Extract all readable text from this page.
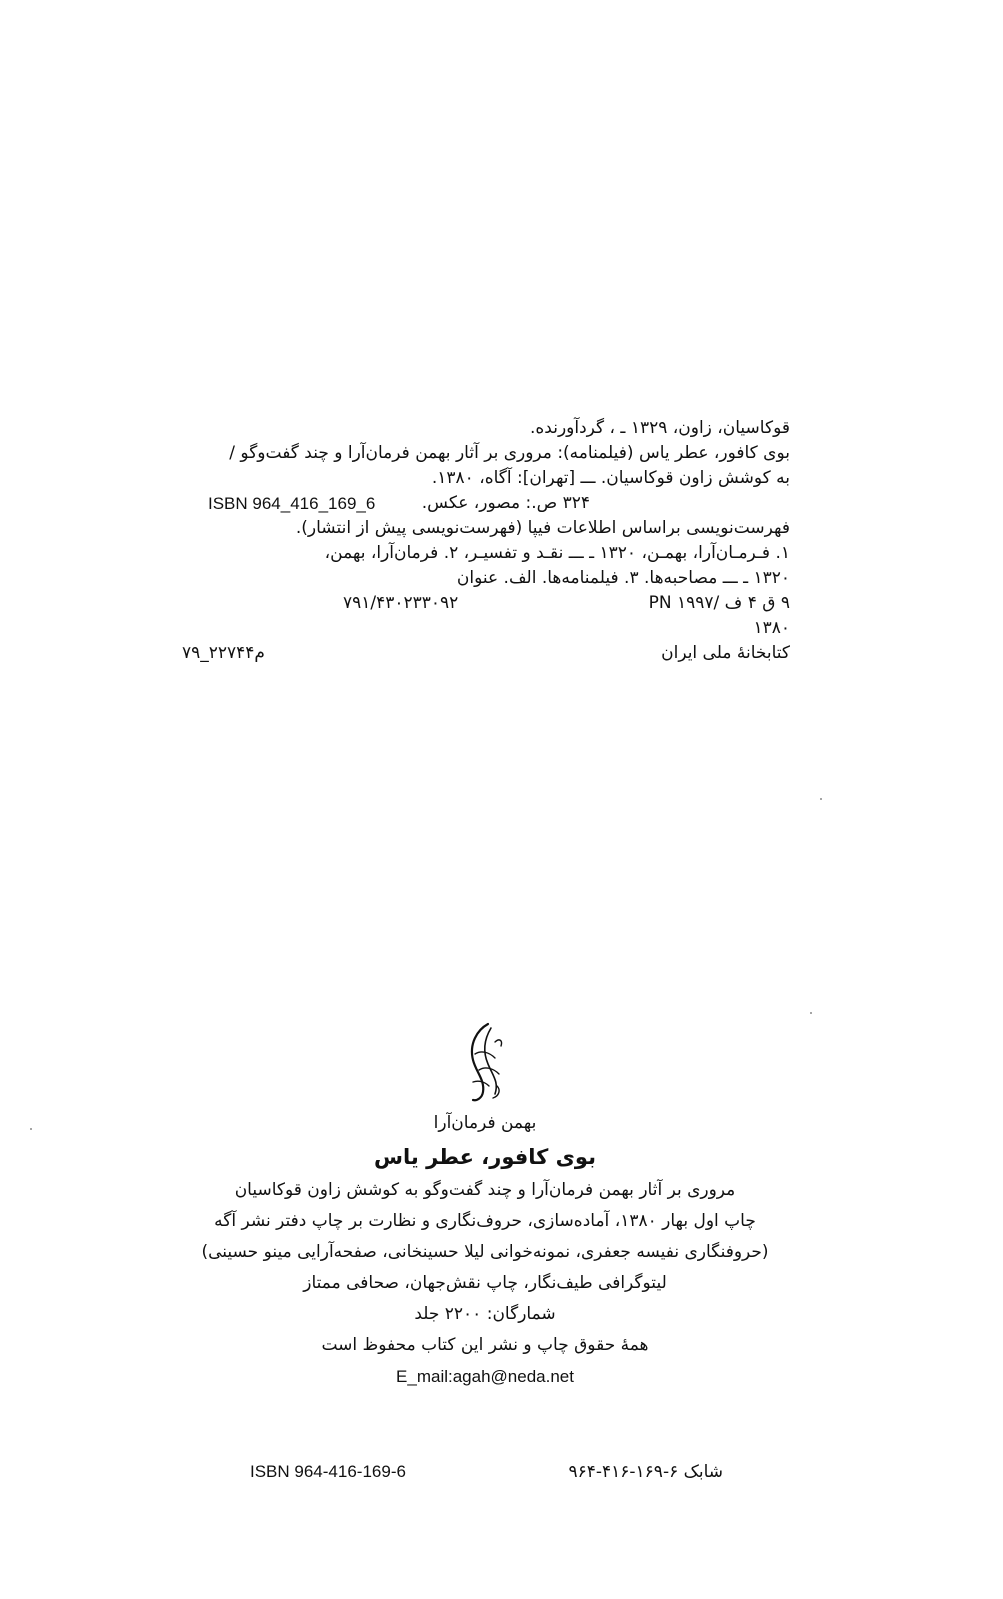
قوکاسیان، زاون، ۱۳۲۹ ـ ، گردآورنده.
بوی کافور، عطر یاس (فیلمنامه): مروری بر آثار بهمن فرمان‌آرا و چند گفت‌وگو /
به کوشش زاون قوکاسیان. ـــ [تهران]: آگاه، ۱۳۸۰.
۳۲۴ ص.: مصور، عکس.
ISBN 964_416_169_6
فهرست‌نویسی براساس اطلاعات فیپا (فهرست‌نویسی پیش از انتشار).
۱. فـرمـان‌آرا، بهمـن، ۱۳۲۰ ـ ـــ نقـد و تفسیـر، ۲. فرمان‌آرا، بهمن،
۱۳۲۰ ـ ـــ مصاحبه‌ها. ۳. فیلمنامه‌ها. الف. عنوان
۹ ق ۴ ف /PN ۱۹۹۷
۷۹۱/۴۳۰۲۳۳۰۹۲
۱۳۸۰
کتابخانهٔ ملی ایران
۷۹_۲۲۷۴۴م
بهمن فرمان‌آرا
بوی کافور، عطر یاس
مروری بر آثار بهمن فرمان‌آرا و چند گفت‌وگو به کوشش زاون قوکاسیان
چاپ اول بهار ۱۳۸۰، آماده‌سازی، حروف‌نگاری و نظارت بر چاپ دفتر نشر آگه
(حروفنگاری نفیسه جعفری، نمونه‌خوانی لیلا حسینخانی، صفحه‌آرایی مینو حسینی)
لیتوگرافی طیف‌نگار، چاپ نقش‌جهان، صحافی ممتاز
شمارگان: ۲۲۰۰ جلد
همهٔ حقوق چاپ و نشر این کتاب محفوظ است
E_mail:agah@neda.net
ISBN 964-416-169-6	شابک ۶-۱۶۹-۴۱۶-۹۶۴
